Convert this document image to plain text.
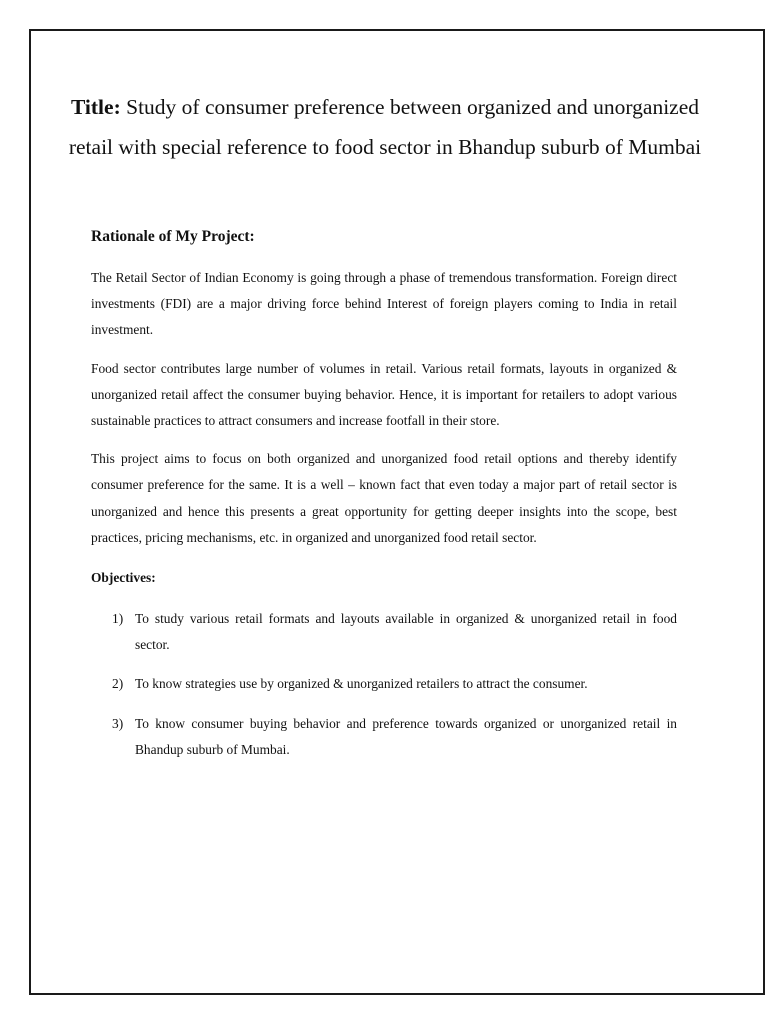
Title: Study of consumer preference between organized and unorganized retail with special reference to food sector in Bhandup suburb of Mumbai
Rationale of My Project:

The Retail Sector of Indian Economy is going through a phase of tremendous transformation. Foreign direct investments (FDI) are a major driving force behind Interest of foreign players coming to India in retail investment.

Food sector contributes large number of volumes in retail. Various retail formats, layouts in organized & unorganized retail affect the consumer buying behavior. Hence, it is important for retailers to adopt various sustainable practices to attract consumers and increase footfall in their store.

This project aims to focus on both organized and unorganized food retail options and thereby identify consumer preference for the same. It is a well – known fact that even today a major part of retail sector is unorganized and hence this presents a great opportunity for getting deeper insights into the scope, best practices, pricing mechanisms, etc. in organized and unorganized food retail sector.

Objectives:
1) To study various retail formats and layouts available in organized & unorganized retail in food sector.
2) To know strategies use by organized & unorganized retailers to attract the consumer.
3) To know consumer buying behavior and preference towards organized or unorganized retail in Bhandup suburb of Mumbai.
